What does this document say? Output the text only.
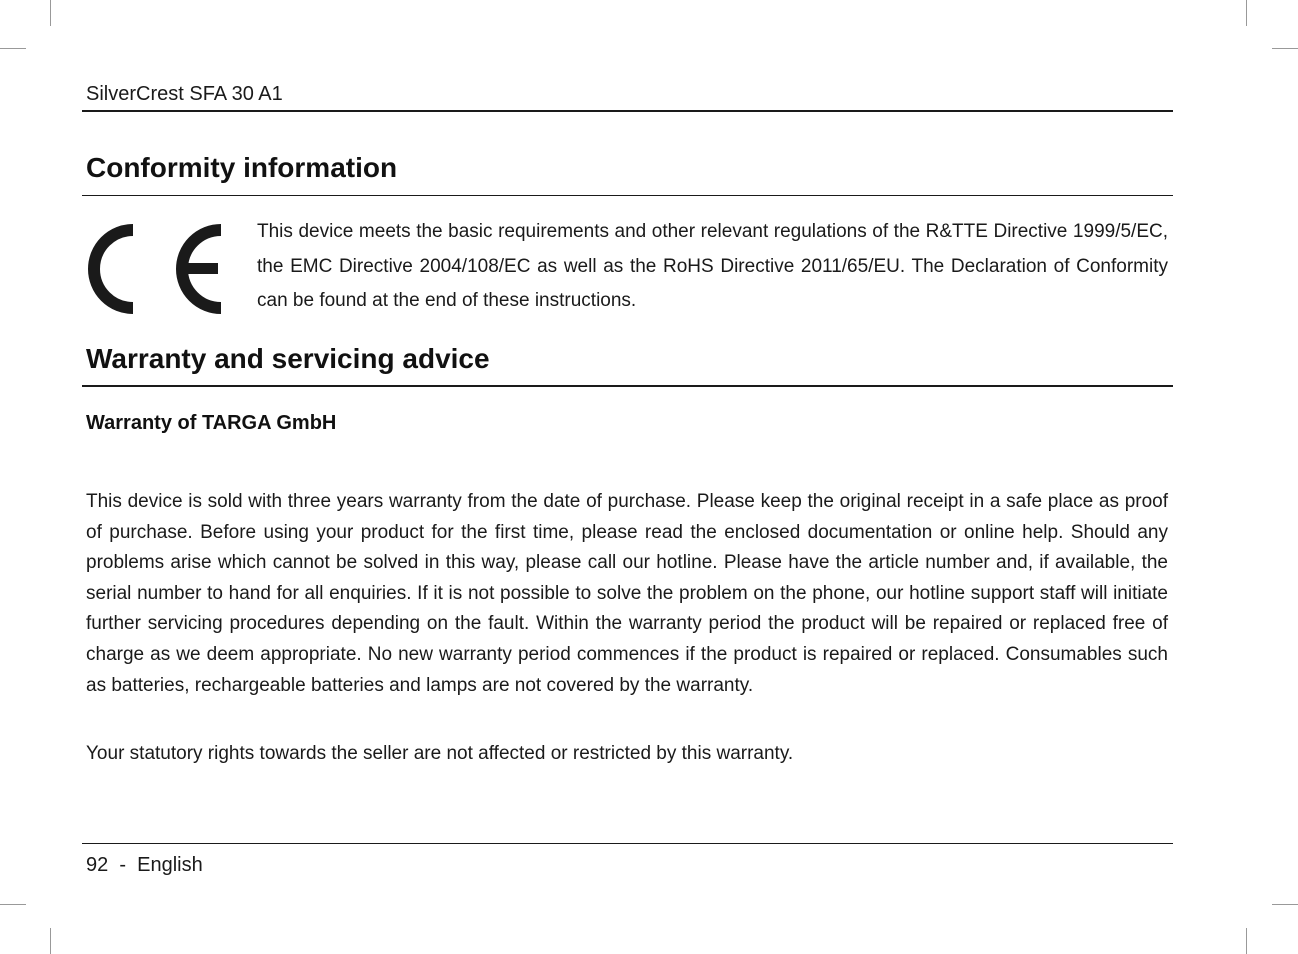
SilverCrest SFA 30 A1
Conformity information
This device meets the basic requirements and other relevant regulations of the R&TTE Directive 1999/5/EC, the EMC Directive 2004/108/EC as well as the RoHS Directive 2011/65/EU. The Declaration of Conformity can be found at the end of these instructions.
Warranty and servicing advice
Warranty of TARGA GmbH
This device is sold with three years warranty from the date of purchase. Please keep the original receipt in a safe place as proof of purchase. Before using your product for the first time, please read the enclosed documentation or online help. Should any problems arise which cannot be solved in this way, please call our hotline. Please have the article number and, if available, the serial number to hand for all enquiries. If it is not possible to solve the problem on the phone, our hotline support staff will initiate further servicing procedures depending on the fault. Within the warranty period the product will be repaired or replaced free of charge as we deem appropriate. No new warranty period commences if the product is repaired or replaced. Consumables such as batteries, rechargeable batteries and lamps are not covered by the warranty.
Your statutory rights towards the seller are not affected or restricted by this warranty.
92  -  English
